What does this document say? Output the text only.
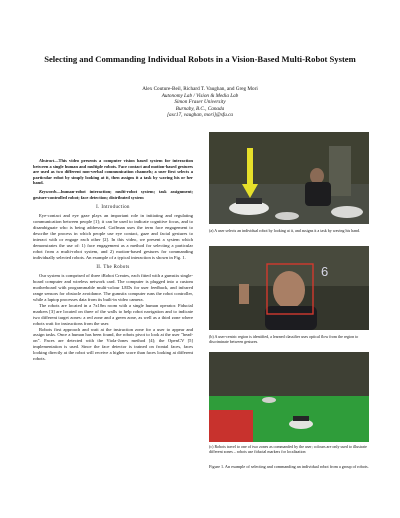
Selecting and Commanding Individual Robots in a Vision-Based Multi-Robot System
Alex Couture-Beil, Richard T. Vaughan, and Greg Mori
Autonomy Lab / Vision & Media Lab
Simon Fraser University
Burnaby, B.C., Canada
[asc17, vaughan, mori]@sfu.ca

Abstract—This video presents a computer vision based system for interaction between a single human and multiple robots. Face contact and motion-based gestures are used as two different non-verbal communication channels; a user first selects a particular robot by simply looking at it, then assigns it a task by waving his or her hand.

Keywords—human-robot interaction; multi-robot system; task assignment; gesture-controlled robot; face detection; distributed system

I. Introduction

Eye-contact and eye gaze plays an important role in initiating and regulating communication between people [1]; it can be used to indicate cognitive focus, and to disambiguate who is being addressed. Goffman uses the term face engagement to describe the process in which people use eye contact, gaze and facial gestures to interact with or engage each other [2]. In this video, we present a system which demonstrates the use of: 1) face engagement as a method for selecting a particular robot from a multi-robot system, and 2) motion-based gestures for commanding individually selected robots. An example of a typical interaction is shown in Fig. 1.

II. The Robots

Our system is comprised of three iRobot Creates, each fitted with a gumstix single-board computer and wireless network card. The computer is plugged into a custom motherboard with programmable multi-colour LEDs for user feedback, and infrared range sensors for obstacle avoidance. The gumstix computer runs the robot controller, while a laptop processes data from its built-in video camera.

The robots are located in a 7x10m room with a single human operator. Fiducial markers [3] are located on three of the walls to help robot navigation and to indicate two different target zones: a red zone and a green zone, as well as a third zone where robots wait for instructions from the user.

Robots first approach and wait at the instruction zone for a user to appear and assign tasks. Once a human has been found, the robots pivot to look at the user "head-on". Faces are detected with the Viola-Jones method [4]; the OpenCV [5] implementation is used. Since the face detector is trained on frontal faces, faces looking directly at the robot will receive a higher score than faces looking at different robots.

(a) A user selects an individual robot by looking at it, and assigns it a task by waving his hand.
6
(b) A user-centric region is identified, a learned classifier uses optical flow from the region to discriminate between gestures.
(c) Robots travel to one of two zones as commanded by the user; colours are only used to illustrate different zones – robots use fiducial markers for localization
Figure 1. An example of selecting and commanding an individual robot from a group of robots.
